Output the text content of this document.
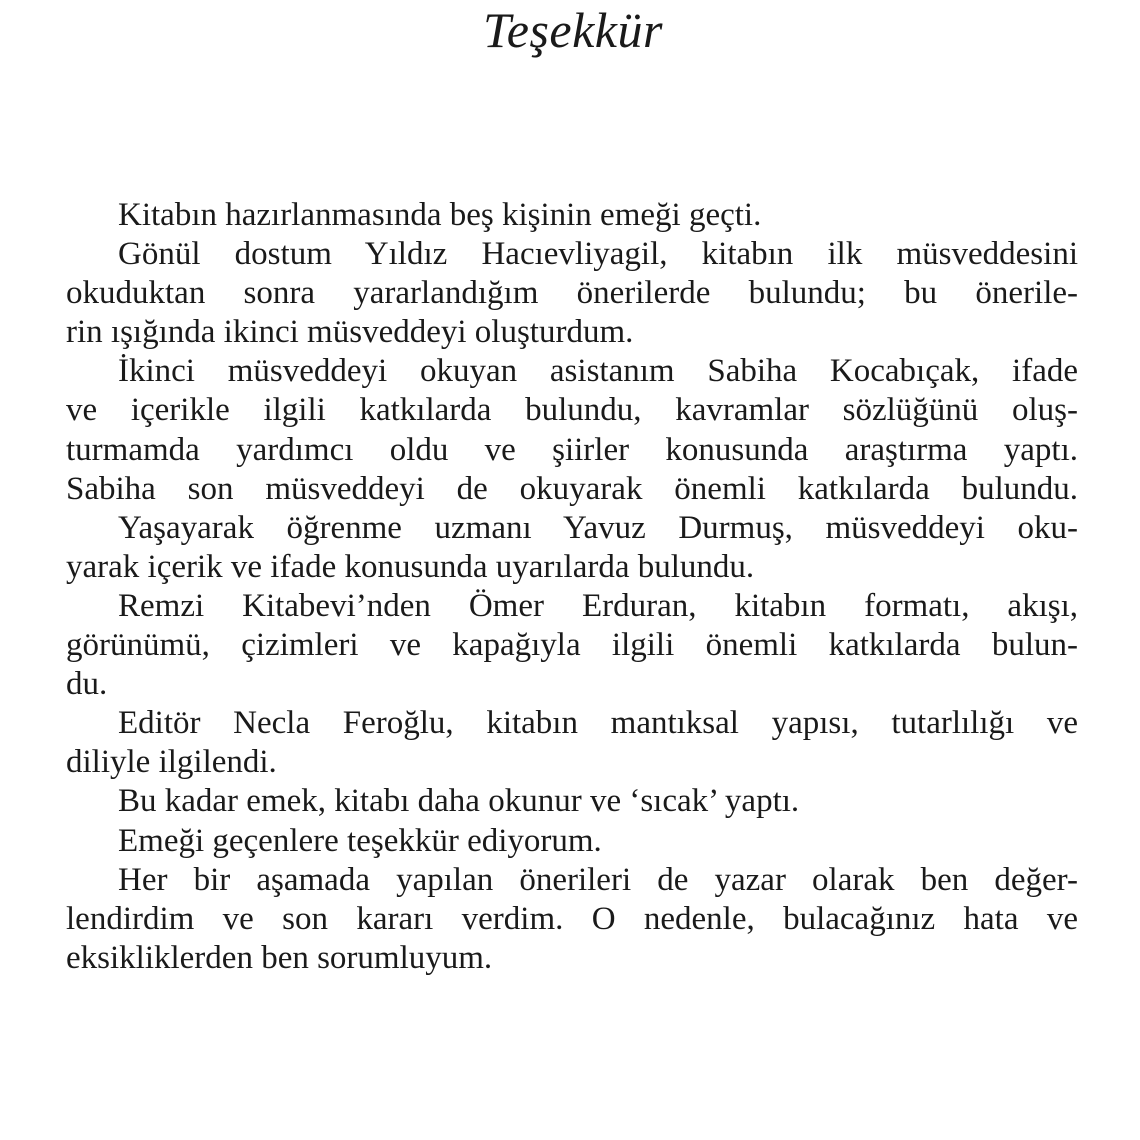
Teşekkür
Kitabın hazırlanmasında beş kişinin emeği geçti.
Gönül dostum Yıldız Hacıevliyagil, kitabın ilk müsveddesini
okuduktan sonra yararlandığım önerilerde bulundu; bu önerile-
rin ışığında ikinci müsveddeyi oluşturdum.
İkinci müsveddeyi okuyan asistanım Sabiha Kocabıçak, ifade
ve içerikle ilgili katkılarda bulundu, kavramlar sözlüğünü oluş-
turmamda yardımcı oldu ve şiirler konusunda araştırma yaptı.
Sabiha son müsveddeyi de okuyarak önemli katkılarda bulundu.
Yaşayarak öğrenme uzmanı Yavuz Durmuş, müsveddeyi oku-
yarak içerik ve ifade konusunda uyarılarda bulundu.
Remzi Kitabevi’nden Ömer Erduran, kitabın formatı, akışı,
görünümü, çizimleri ve kapağıyla ilgili önemli katkılarda bulun-
du.
Editör Necla Feroğlu, kitabın mantıksal yapısı, tutarlılığı ve
diliyle ilgilendi.
Bu kadar emek, kitabı daha okunur ve ‘sıcak’ yaptı.
Emeği geçenlere teşekkür ediyorum.
Her bir aşamada yapılan önerileri de yazar olarak ben değer-
lendirdim ve son kararı verdim. O nedenle, bulacağınız hata ve
eksikliklerden ben sorumluyum.
